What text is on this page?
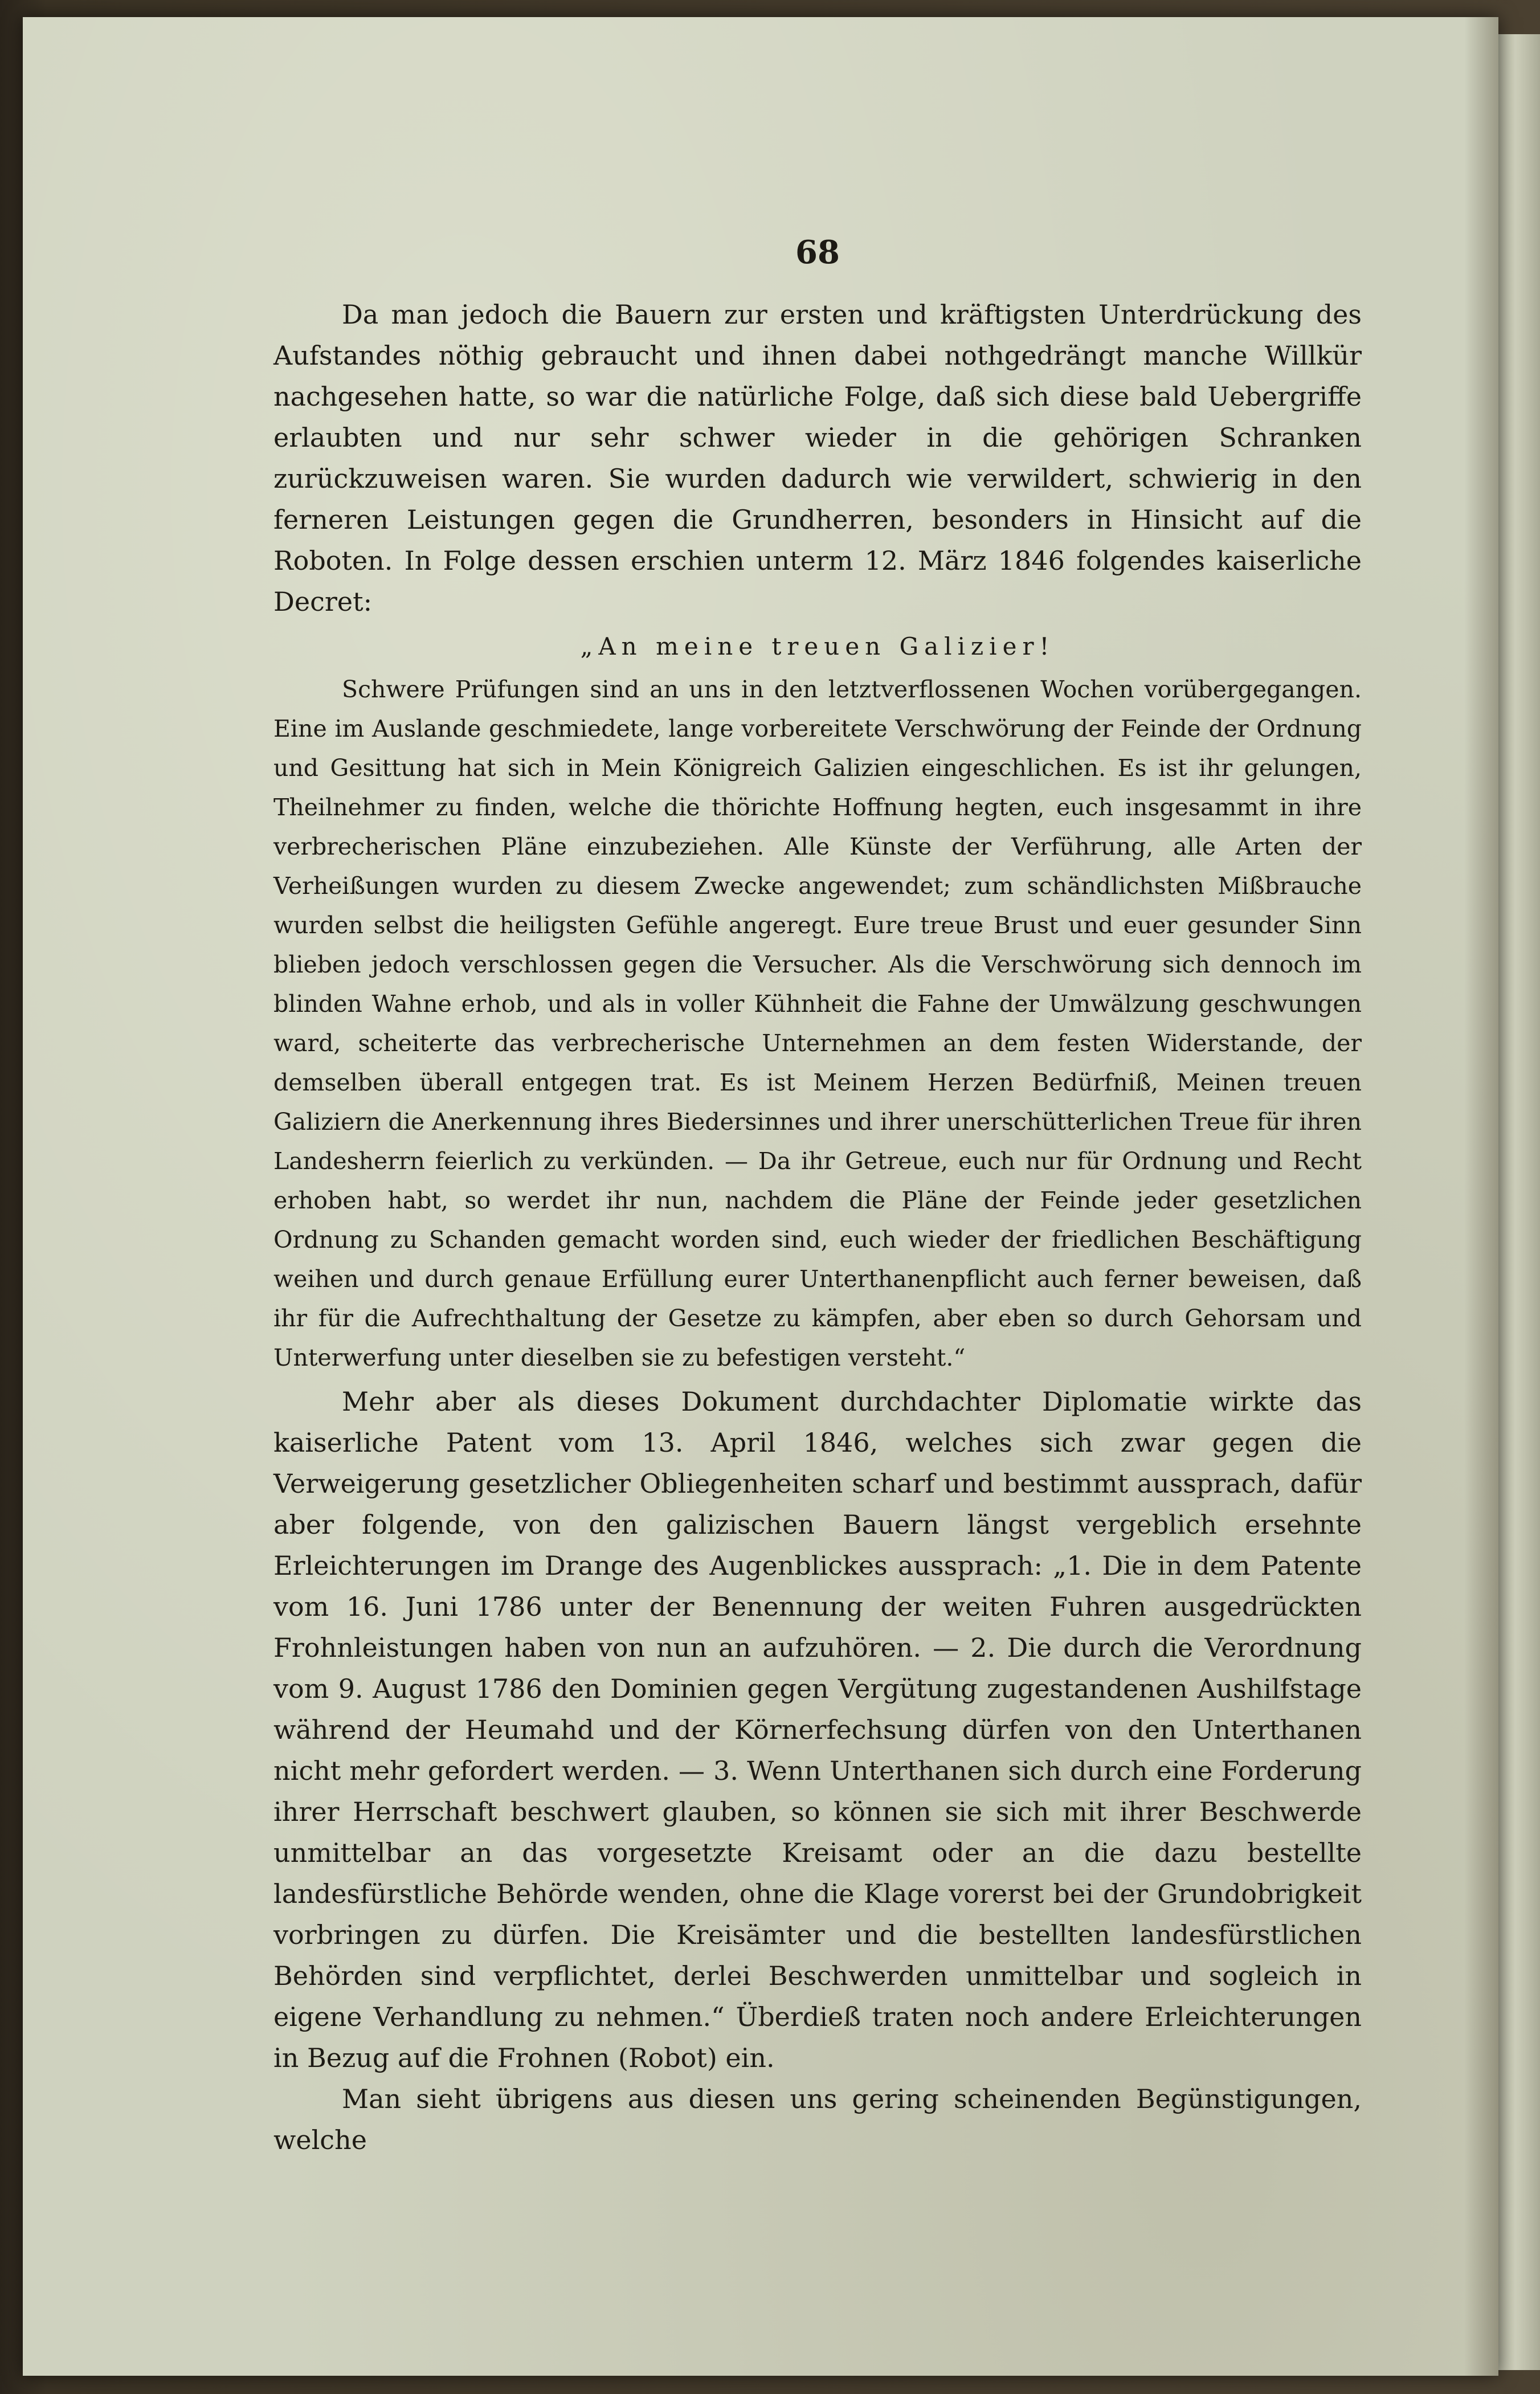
68

Da man jedoch die Bauern zur ersten und kräftigsten Unterdrückung des Aufstandes nöthig gebraucht und ihnen dabei nothgedrängt manche Willkür nachgesehen hatte, so war die natürliche Folge, daß sich diese bald Uebergriffe erlaubten und nur sehr schwer wieder in die gehörigen Schranken zurückzuweisen waren. Sie wurden dadurch wie verwildert, schwierig in den ferneren Leistungen gegen die Grundherren, besonders in Hinsicht auf die Roboten. In Folge dessen erschien unterm 12. März 1846 folgendes kaiserliche Decret:

„An meine treuen Galizier!

Schwere Prüfungen sind an uns in den letztverflossenen Wochen vorübergegangen. Eine im Auslande geschmiedete, lange vorbereitete Verschwörung der Feinde der Ordnung und Gesittung hat sich in Mein Königreich Galizien eingeschlichen. Es ist ihr gelungen, Theilnehmer zu finden, welche die thörichte Hoffnung hegten, euch insgesammt in ihre verbrecherischen Pläne einzubeziehen. Alle Künste der Verführung, alle Arten der Verheißungen wurden zu diesem Zwecke angewendet; zum schändlichsten Mißbrauche wurden selbst die heiligsten Gefühle angeregt. Eure treue Brust und euer gesunder Sinn blieben jedoch verschlossen gegen die Versucher. Als die Verschwörung sich dennoch im blinden Wahne erhob, und als in voller Kühnheit die Fahne der Umwälzung geschwungen ward, scheiterte das verbrecherische Unternehmen an dem festen Widerstande, der demselben überall entgegen trat. Es ist Meinem Herzen Bedürfniß, Meinen treuen Galiziern die Anerkennung ihres Biedersinnes und ihrer unerschütterlichen Treue für ihren Landesherrn feierlich zu verkünden. — Da ihr Getreue, euch nur für Ordnung und Recht erhoben habt, so werdet ihr nun, nachdem die Pläne der Feinde jeder gesetzlichen Ordnung zu Schanden gemacht worden sind, euch wieder der friedlichen Beschäftigung weihen und durch genaue Erfüllung eurer Unterthanenpflicht auch ferner beweisen, daß ihr für die Aufrechthaltung der Gesetze zu kämpfen, aber eben so durch Gehorsam und Unterwerfung unter dieselben sie zu befestigen versteht.“

Mehr aber als dieses Dokument durchdachter Diplomatie wirkte das kaiserliche Patent vom 13. April 1846, welches sich zwar gegen die Verweigerung gesetzlicher Obliegenheiten scharf und bestimmt aussprach, dafür aber folgende, von den galizischen Bauern längst vergeblich ersehnte Erleichterungen im Drange des Augenblickes aussprach: „1. Die in dem Patente vom 16. Juni 1786 unter der Benennung der weiten Fuhren ausgedrückten Frohnleistungen haben von nun an aufzuhören. — 2. Die durch die Verordnung vom 9. August 1786 den Dominien gegen Vergütung zugestandenen Aushilfstage während der Heumahd und der Körnerfechsung dürfen von den Unterthanen nicht mehr gefordert werden. — 3. Wenn Unterthanen sich durch eine Forderung ihrer Herrschaft beschwert glauben, so können sie sich mit ihrer Beschwerde unmittelbar an das vorgesetzte Kreisamt oder an die dazu bestellte landesfürstliche Behörde wenden, ohne die Klage vorerst bei der Grundobrigkeit vorbringen zu dürfen. Die Kreisämter und die bestellten landesfürstlichen Behörden sind verpflichtet, derlei Beschwerden unmittelbar und sogleich in eigene Verhandlung zu nehmen.“ Überdieß traten noch andere Erleichterungen in Bezug auf die Frohnen (Robot) ein.

Man sieht übrigens aus diesen uns gering scheinenden Begünstigungen, welche
